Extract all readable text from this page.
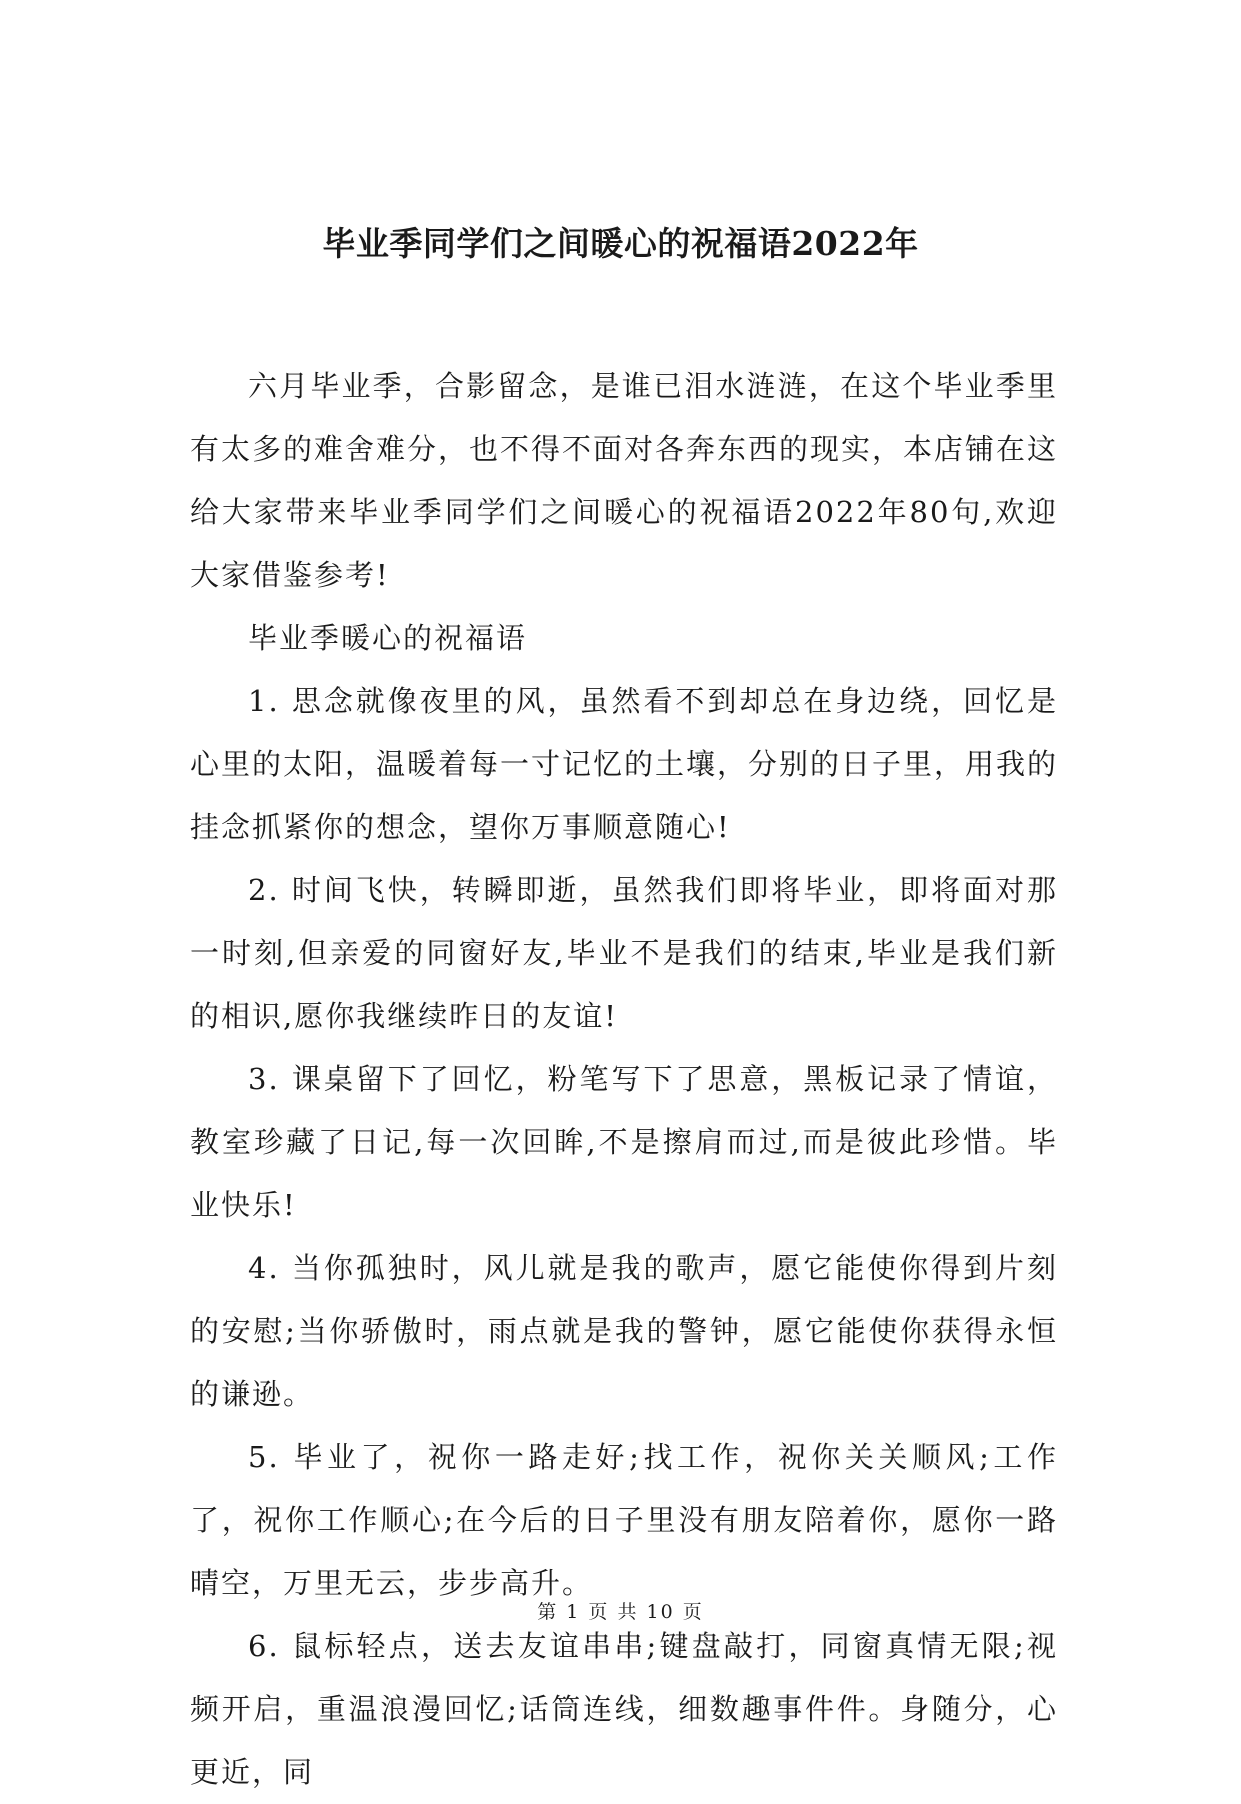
毕业季同学们之间暖心的祝福语2022年

六月毕业季，合影留念，是谁已泪水涟涟，在这个毕业季里有太多的难舍难分，也不得不面对各奔东西的现实，本店铺在这给大家带来毕业季同学们之间暖心的祝福语2022年80句,欢迎大家借鉴参考!

毕业季暖心的祝福语

1. 思念就像夜里的风，虽然看不到却总在身边绕，回忆是心里的太阳，温暖着每一寸记忆的土壤，分别的日子里，用我的挂念抓紧你的想念，望你万事顺意随心!

2. 时间飞快，转瞬即逝，虽然我们即将毕业，即将面对那一时刻,但亲爱的同窗好友,毕业不是我们的结束,毕业是我们新的相识,愿你我继续昨日的友谊!

3. 课桌留下了回忆，粉笔写下了思意，黑板记录了情谊，教室珍藏了日记,每一次回眸,不是擦肩而过,而是彼此珍惜。毕业快乐!

4. 当你孤独时，风儿就是我的歌声，愿它能使你得到片刻的安慰;当你骄傲时，雨点就是我的警钟，愿它能使你获得永恒的谦逊。

5. 毕业了，祝你一路走好;找工作，祝你关关顺风;工作了，祝你工作顺心;在今后的日子里没有朋友陪着你，愿你一路晴空，万里无云，步步高升。

6. 鼠标轻点，送去友谊串串;键盘敲打，同窗真情无限;视频开启，重温浪漫回忆;话筒连线，细数趣事件件。身随分，心更近，同

第 1 页 共 10 页
